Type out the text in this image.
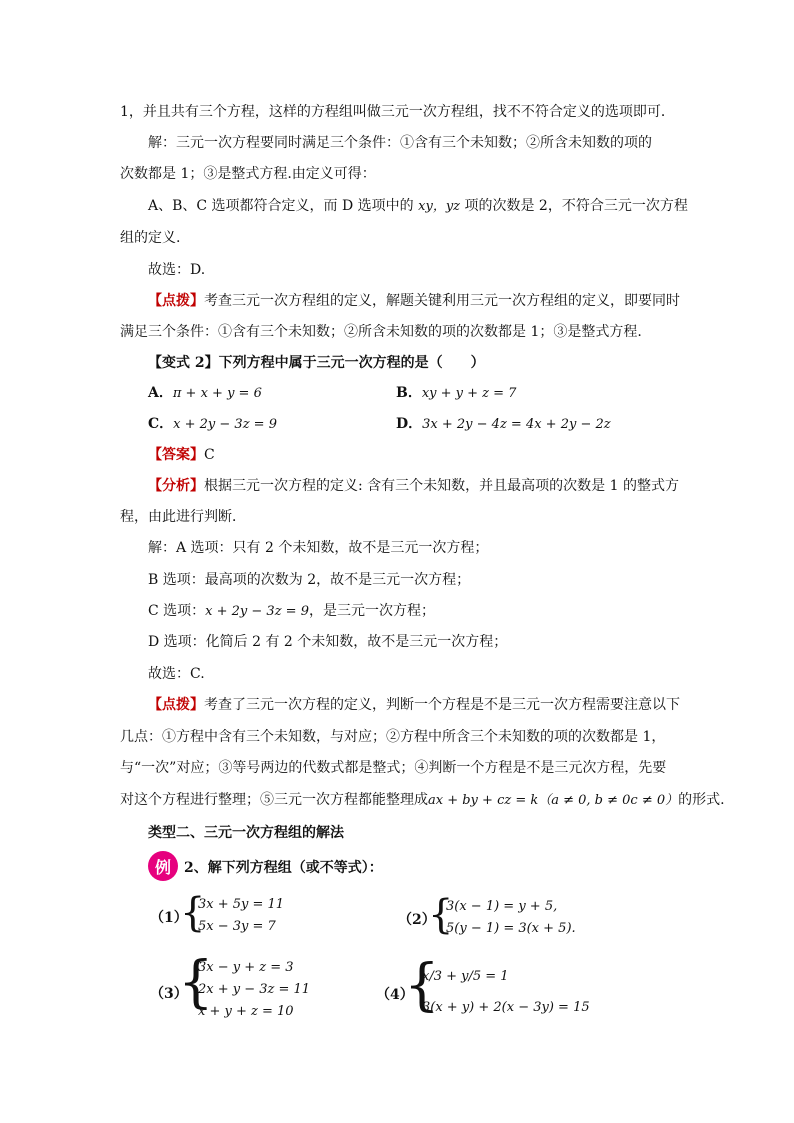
1，并且共有三个方程，这样的方程组叫做三元一次方程组，找不不符合定义的选项即可．
解：三元一次方程要同时满足三个条件：①含有三个未知数；②所含未知数的项的
次数都是 1；③是整式方程.由定义可得：
A、B、C 选项都符合定义，而 D 选项中的 xy，yz 项的次数是 2，不符合三元一次方程
组的定义.
故选：D.
【点拨】考查三元一次方程组的定义，解题关键利用三元一次方程组的定义，即要同时
满足三个条件：①含有三个未知数；②所含未知数的项的次数都是 1；③是整式方程.
【变式 2】下列方程中属于三元一次方程的是（　　）
A．π + x + y = 6	B．xy + y + z = 7
C．x + 2y − 3z = 9	D．3x + 2y − 4z = 4x + 2y − 2z
【答案】C
【分析】根据三元一次方程的定义: 含有三个未知数，并且最高项的次数是 1 的整式方
程，由此进行判断．
解：A 选项：只有 2 个未知数，故不是三元一次方程；
B 选项：最高项的次数为 2，故不是三元一次方程；
C 选项：x + 2y − 3z = 9，是三元一次方程；
D 选项：化简后 2 有 2 个未知数，故不是三元一次方程；
故选：C.
【点拨】考查了三元一次方程的定义，判断一个方程是不是三元一次方程需要注意以下
几点：①方程中含有三个未知数，与对应；②方程中所含三个未知数的项的次数都是 1，
与“一次”对应；③等号两边的代数式都是整式；④判断一个方程是不是三元次方程，先要
对这个方程进行整理；⑤三元一次方程都能整理成ax + by + cz = k（a ≠ 0, b ≠ 0c ≠ 0）的形式.
类型二、三元一次方程组的解法
例 2、解下列方程组（或不等式）：
（1）
{
3x + 5y = 11
5x − 3y = 7	（2）
{
3(x − 1) = y + 5,
5(y − 1) = 3(x + 5).
（3）
{
3x − y + z = 3
2x + y − 3z = 11
x + y + z = 10
（4）
{
x/3 + y/5 = 1
3(x + y) + 2(x − 3y) = 15
